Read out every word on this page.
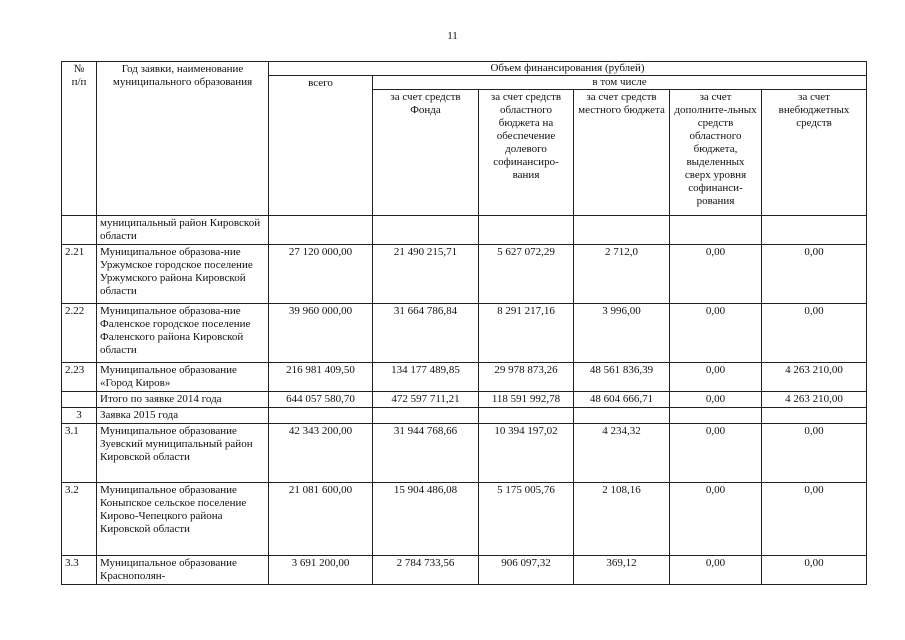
11
№
п/п	Год заявки, наименование муниципального образования	Объем финансирования (рублей)					
		всего	в том числе				
			за счет средств Фонда	за счет средств областного бюджета на обеспечение долевого софинансиро-вания	за счет средств местного бюджета	за счет дополните-льных средств областного бюджета, выделенных сверх уровня софинанси-рования	за счет внебюджетных средств
	муниципальный район Кировской области						
2.21	Муниципальное образова-ние Уржумское городское поселение Уржумского района Кировской области	27 120 000,00	21 490 215,71	5 627 072,29	2 712,0	0,00	0,00
2.22	Муниципальное образова-ние Фаленское городское поселение Фаленского района Кировской области	39 960 000,00	31 664 786,84	8 291 217,16	3 996,00	0,00	0,00
2.23	Муниципальное образование «Город Киров»	216 981 409,50	134 177 489,85	29 978 873,26	48 561 836,39	0,00	4 263 210,00
	Итого по заявке 2014 года	644 057 580,70	472 597 711,21	118 591 992,78	48 604 666,71	0,00	4 263 210,00
3	Заявка 2015 года						
3.1	Муниципальное образование Зуевский муниципальный район Кировской области	42 343 200,00	31 944 768,66	10 394 197,02	4 234,32	0,00	0,00
3.2	Муниципальное образование Коныпское сельское поселение Кирово-Чепецкого района Кировской области	21 081 600,00	15 904 486,08	5 175 005,76	2 108,16	0,00	0,00
3.3	Муниципальное образование Краснополян-	3 691 200,00	2 784 733,56	906 097,32	369,12	0,00	0,00
